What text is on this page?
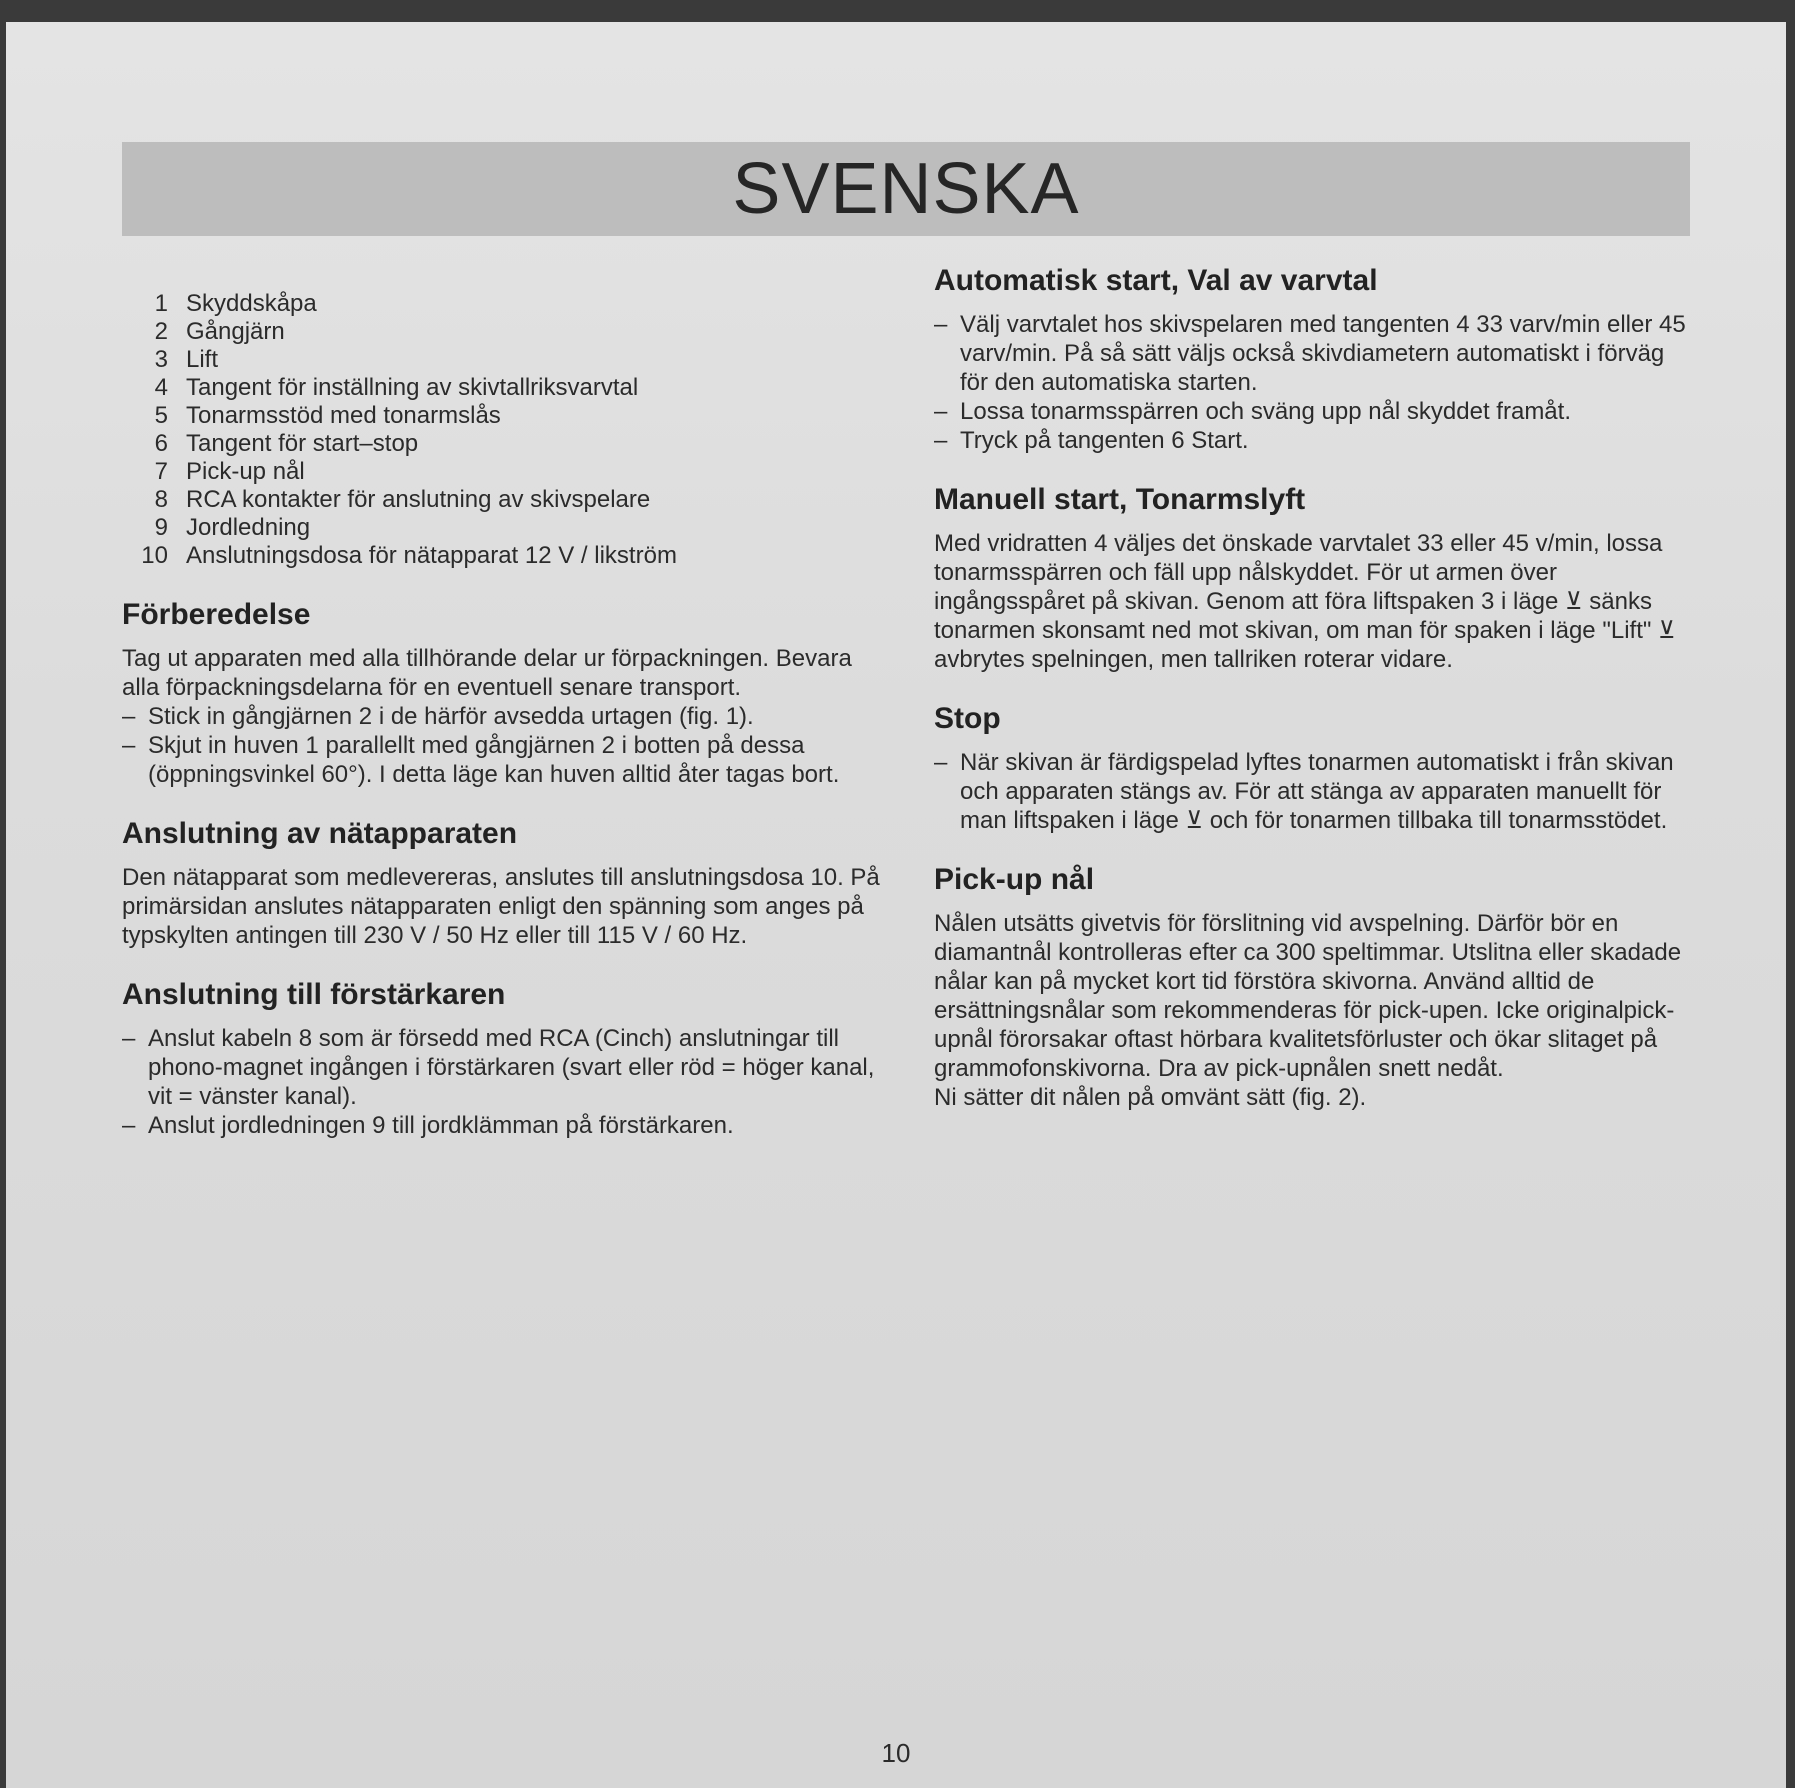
SVENSKA
1 Skyddskåpa
2 Gångjärn
3 Lift
4 Tangent för inställning av skivtallriksvarvtal
5 Tonarmsstöd med tonarmslås
6 Tangent för start–stop
7 Pick-up nål
8 RCA kontakter för anslutning av skivspelare
9 Jordledning
10 Anslutningsdosa för nätapparat 12 V / likström
Förberedelse

Tag ut apparaten med alla tillhörande delar ur förpackningen. Bevara alla förpackningsdelarna för en eventuell senare transport.

– Stick in gångjärnen 2 i de härför avsedda urtagen (fig. 1).
– Skjut in huven 1 parallellt med gångjärnen 2 i botten på dessa (öppningsvinkel 60°). I detta läge kan huven alltid åter tagas bort.
Anslutning av nätapparaten

Den nätapparat som medlevereras, anslutes till anslutningsdosa 10. På primärsidan anslutes nätapparaten enligt den spänning som anges på typskylten antingen till 230 V / 50 Hz eller till 115 V / 60 Hz.

Anslutning till förstärkaren
– Anslut kabeln 8 som är försedd med RCA (Cinch) anslutningar till phono-magnet ingången i förstärkaren (svart eller röd = höger kanal, vit = vänster kanal).
– Anslut jordledningen 9 till jordklämman på förstärkaren.
Automatisk start, Val av varvtal
– Välj varvtalet hos skivspelaren med tangenten 4 33 varv/min eller 45 varv/min. På så sätt väljs också skivdiametern automatiskt i förväg för den automatiska starten.
– Lossa tonarmsspärren och sväng upp nål skyddet framåt.
– Tryck på tangenten 6 Start.
Manuell start, Tonarmslyft

Med vridratten 4 väljes det önskade varvtalet 33 eller 45 v/min, lossa tonarmsspärren och fäll upp nålskyddet. För ut armen över ingångsspåret på skivan. Genom att föra liftspaken 3 i läge ⊻ sänks tonarmen skonsamt ned mot skivan, om man för spaken i läge "Lift" ⊻ avbrytes spelningen, men tallriken roterar vidare.

Stop
– När skivan är färdigspelad lyftes tonarmen automatiskt i från skivan och apparaten stängs av. För att stänga av apparaten manuellt för man liftspaken i läge ⊻ och för tonarmen tillbaka till tonarmsstödet.
Pick-up nål

Nålen utsätts givetvis för förslitning vid avspelning. Därför bör en diamantnål kontrolleras efter ca 300 speltimmar. Utslitna eller skadade nålar kan på mycket kort tid förstöra skivorna. Använd alltid de ersättningsnålar som rekommenderas för pick-upen. Icke originalpick-upnål förorsakar oftast hörbara kvalitetsförluster och ökar slitaget på grammofonskivorna. Dra av pick-upnålen snett nedåt.

Ni sätter dit nålen på omvänt sätt (fig. 2).

10
